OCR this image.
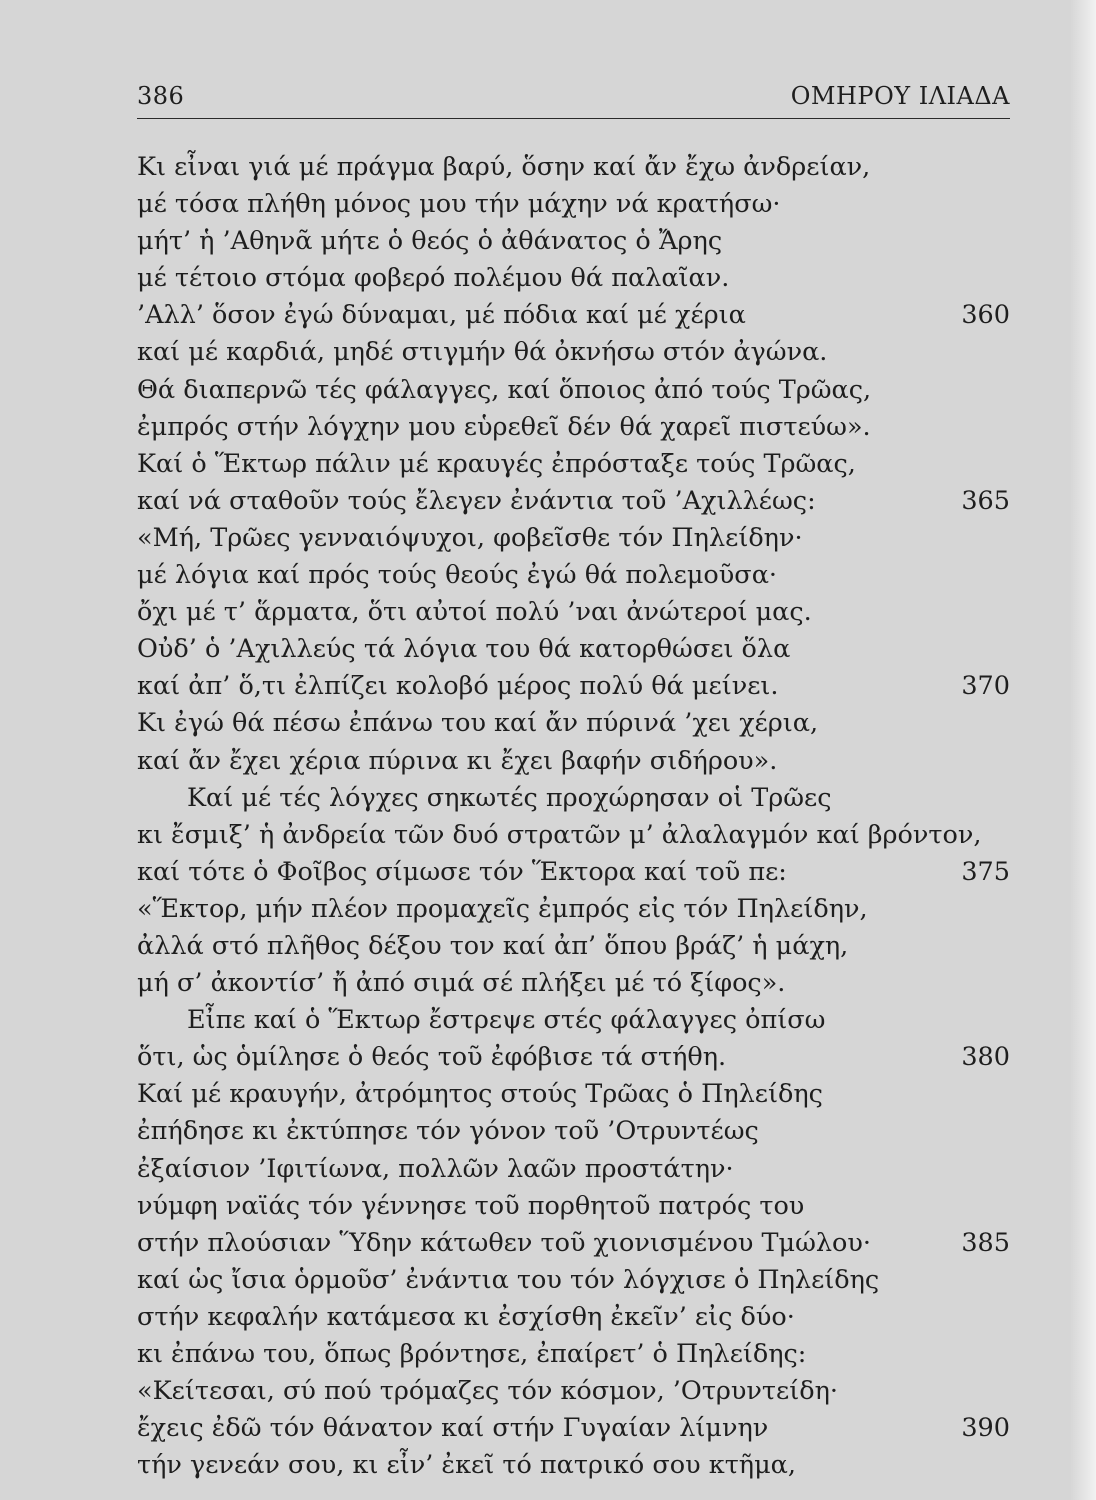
386	ΟΜΗΡΟΥ ΙΛΙΑΔΑ
Κι εἶναι γιά μέ πράγμα βαρύ, ὅσην καί ἄν ἔχω ἀνδρείαν,
μέ τόσα πλήθη μόνος μου τήν μάχην νά κρατήσω·
μήτ’ ἡ ’Αθηνᾶ μήτε ὁ θεός ὁ ἀθάνατος ὁ Ἄρης
μέ τέτοιο στόμα φοβερό πολέμου θά παλαῖαν.
’Αλλ’ ὅσον ἐγώ δύναμαι, μέ πόδια καί μέ χέρια	360
καί μέ καρδιά, μηδέ στιγμήν θά ὀκνήσω στόν ἀγώνα.
Θά διαπερνῶ τές φάλαγγες, καί ὅποιος ἀπό τούς Τρῶας,
ἐμπρός στήν λόγχην μου εὑρεθεῖ δέν θά χαρεῖ πιστεύω».
Καί ὁ Ἕκτωρ πάλιν μέ κραυγές ἐπρόσταξε τούς Τρῶας,
καί νά σταθοῦν τούς ἔλεγεν ἐνάντια τοῦ ’Αχιλλέως:	365
«Μή, Τρῶες γενναιόψυχοι, φοβεῖσθε τόν Πηλείδην·
μέ λόγια καί πρός τούς θεούς ἐγώ θά πολεμοῦσα·
ὄχι μέ τ’ ἅρματα, ὅτι αὐτοί πολύ ’ναι ἀνώτεροί μας.
Οὐδ’ ὁ ’Αχιλλεύς τά λόγια του θά κατορθώσει ὅλα
καί ἀπ’ ὅ,τι ἐλπίζει κολοβό μέρος πολύ θά μείνει.	370
Κι ἐγώ θά πέσω ἐπάνω του καί ἄν πύρινά ’χει χέρια,
καί ἄν ἔχει χέρια πύρινα κι ἔχει βαφήν σιδήρου».
Καί μέ τές λόγχες σηκωτές προχώρησαν οἱ Τρῶες
κι ἔσμιξ’ ἡ ἀνδρεία τῶν δυό στρατῶν μ’ ἀλαλαγμόν καί βρόντον,
καί τότε ὁ Φοῖβος σίμωσε τόν Ἕκτορα καί τοῦ πε:	375
«Ἕκτορ, μήν πλέον προμαχεῖς ἐμπρός εἰς τόν Πηλείδην,
ἀλλά στό πλῆθος δέξου τον καί ἀπ’ ὅπου βράζ’ ἡ μάχη,
μή σ’ ἀκοντίσ’ ἤ ἀπό σιμά σέ πλήξει μέ τό ξίφος».
Εἶπε καί ὁ Ἕκτωρ ἔστρεψε στές φάλαγγες ὀπίσω
ὅτι, ὡς ὁμίλησε ὁ θεός τοῦ ἐφόβισε τά στήθη.	380
Καί μέ κραυγήν, ἀτρόμητος στούς Τρῶας ὁ Πηλείδης
ἐπήδησε κι ἐκτύπησε τόν γόνον τοῦ ’Οτρυντέως
ἐξαίσιον ’Ιφιτίωνα, πολλῶν λαῶν προστάτην·
νύμφη ναϊάς τόν γέννησε τοῦ πορθητοῦ πατρός του
στήν πλούσιαν Ὕδην κάτωθεν τοῦ χιονισμένου Τμώλου·	385
καί ὡς ἴσια ὁρμοῦσ’ ἐνάντια του τόν λόγχισε ὁ Πηλείδης
στήν κεφαλήν κατάμεσα κι ἐσχίσθη ἐκεῖν’ εἰς δύο·
κι ἐπάνω του, ὅπως βρόντησε, ἐπαίρετ’ ὁ Πηλείδης:
«Κείτεσαι, σύ πού τρόμαζες τόν κόσμον, ’Οτρυντείδη·
ἔχεις ἐδῶ τόν θάνατον καί στήν Γυγαίαν λίμνην	390
τήν γενεάν σου, κι εἶν’ ἐκεῖ τό πατρικό σου κτῆμα,
